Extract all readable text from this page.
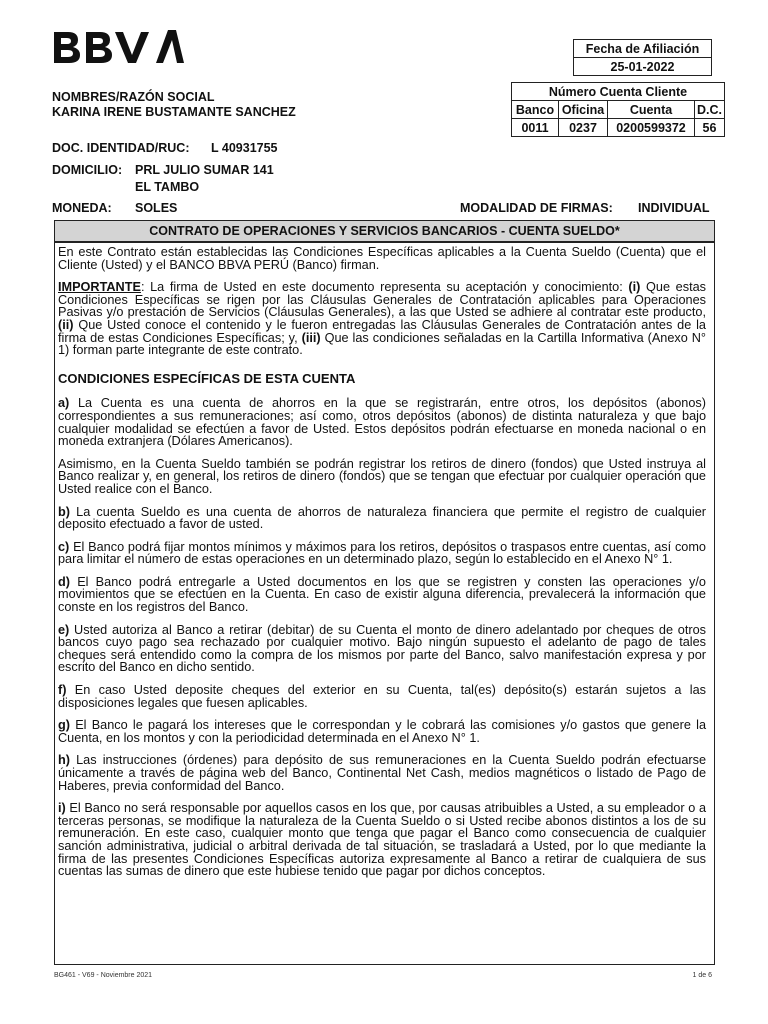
Fecha de Afiliación
25-01-2022
Número Cuenta Cliente			
Banco	Oficina	Cuenta	D.C.
0011	0237	0200599372	56
NOMBRES/RAZÓN SOCIAL
KARINA IRENE BUSTAMANTE SANCHEZ
DOC. IDENTIDAD/RUC: L 40931755
DOMICILIO: PRL JULIO SUMAR 141
EL TAMBO
MONEDA: SOLES	MODALIDAD DE FIRMAS: INDIVIDUAL
CONTRATO DE OPERACIONES Y SERVICIOS BANCARIOS - CUENTA SUELDO*

En este Contrato están establecidas las Condiciones Específicas aplicables a la Cuenta Sueldo (Cuenta) que el Cliente (Usted) y el BANCO BBVA PERÚ (Banco) firman.

IMPORTANTE: La firma de Usted en este documento representa su aceptación y conocimiento: (i) Que estas Condiciones Específicas se rigen por las Cláusulas Generales de Contratación aplicables para Operaciones Pasivas y/o prestación de Servicios (Cláusulas Generales), a las que Usted se adhiere al contratar este producto, (ii) Que Usted conoce el contenido y le fueron entregadas las Cláusulas Generales de Contratación antes de la firma de estas Condiciones Específicas; y, (iii) Que las condiciones señaladas en la Cartilla Informativa (Anexo N° 1) forman parte integrante de este contrato.

CONDICIONES ESPECÍFICAS DE ESTA CUENTA

a) La Cuenta es una cuenta de ahorros en la que se registrarán, entre otros, los depósitos (abonos) correspondientes a sus remuneraciones; así como, otros depósitos (abonos) de distinta naturaleza y que bajo cualquier modalidad se efectúen a favor de Usted. Estos depósitos podrán efectuarse en moneda nacional o en moneda extranjera (Dólares Americanos).

Asimismo, en la Cuenta Sueldo también se podrán registrar los retiros de dinero (fondos) que Usted instruya al Banco realizar y, en general, los retiros de dinero (fondos) que se tengan que efectuar por cualquier operación que Usted realice con el Banco.

b) La cuenta Sueldo es una cuenta de ahorros de naturaleza financiera que permite el registro de cualquier deposito efectuado a favor de usted.

c) El Banco podrá fijar montos mínimos y máximos para los retiros, depósitos o traspasos entre cuentas, así como para limitar el número de estas operaciones en un determinado plazo, según lo establecido en el Anexo N° 1.

d) El Banco podrá entregarle a Usted documentos en los que se registren y consten las operaciones y/o movimientos que se efectúen en la Cuenta. En caso de existir alguna diferencia, prevalecerá la información que conste en los registros del Banco.

e) Usted autoriza al Banco a retirar (debitar) de su Cuenta el monto de dinero adelantado por cheques de otros bancos cuyo pago sea rechazado por cualquier motivo. Bajo ningún supuesto el adelanto de pago de tales cheques será entendido como la compra de los mismos por parte del Banco, salvo manifestación expresa y por escrito del Banco en dicho sentido.

f) En caso Usted deposite cheques del exterior en su Cuenta, tal(es) depósito(s) estarán sujetos a las disposiciones legales que fuesen aplicables.

g) El Banco le pagará los intereses que le correspondan y le cobrará las comisiones y/o gastos que genere la Cuenta, en los montos y con la periodicidad determinada en el Anexo N° 1.

h) Las instrucciones (órdenes) para depósito de sus remuneraciones en la Cuenta Sueldo podrán efectuarse únicamente a través de página web del Banco, Continental Net Cash, medios magnéticos o listado de Pago de Haberes, previa conformidad del Banco.

i) El Banco no será responsable por aquellos casos en los que, por causas atribuibles a Usted, a su empleador o a terceras personas, se modifique la naturaleza de la Cuenta Sueldo o si Usted recibe abonos distintos a los de su remuneración. En este caso, cualquier monto que tenga que pagar el Banco como consecuencia de cualquier sanción administrativa, judicial o arbitral derivada de tal situación, se trasladará a Usted, por lo que mediante la firma de las presentes Condiciones Específicas autoriza expresamente al Banco a retirar de cualquiera de sus cuentas las sumas de dinero que este hubiese tenido que pagar por dichos conceptos.

BG461 - V69 - Noviembre 2021	1 de 6
